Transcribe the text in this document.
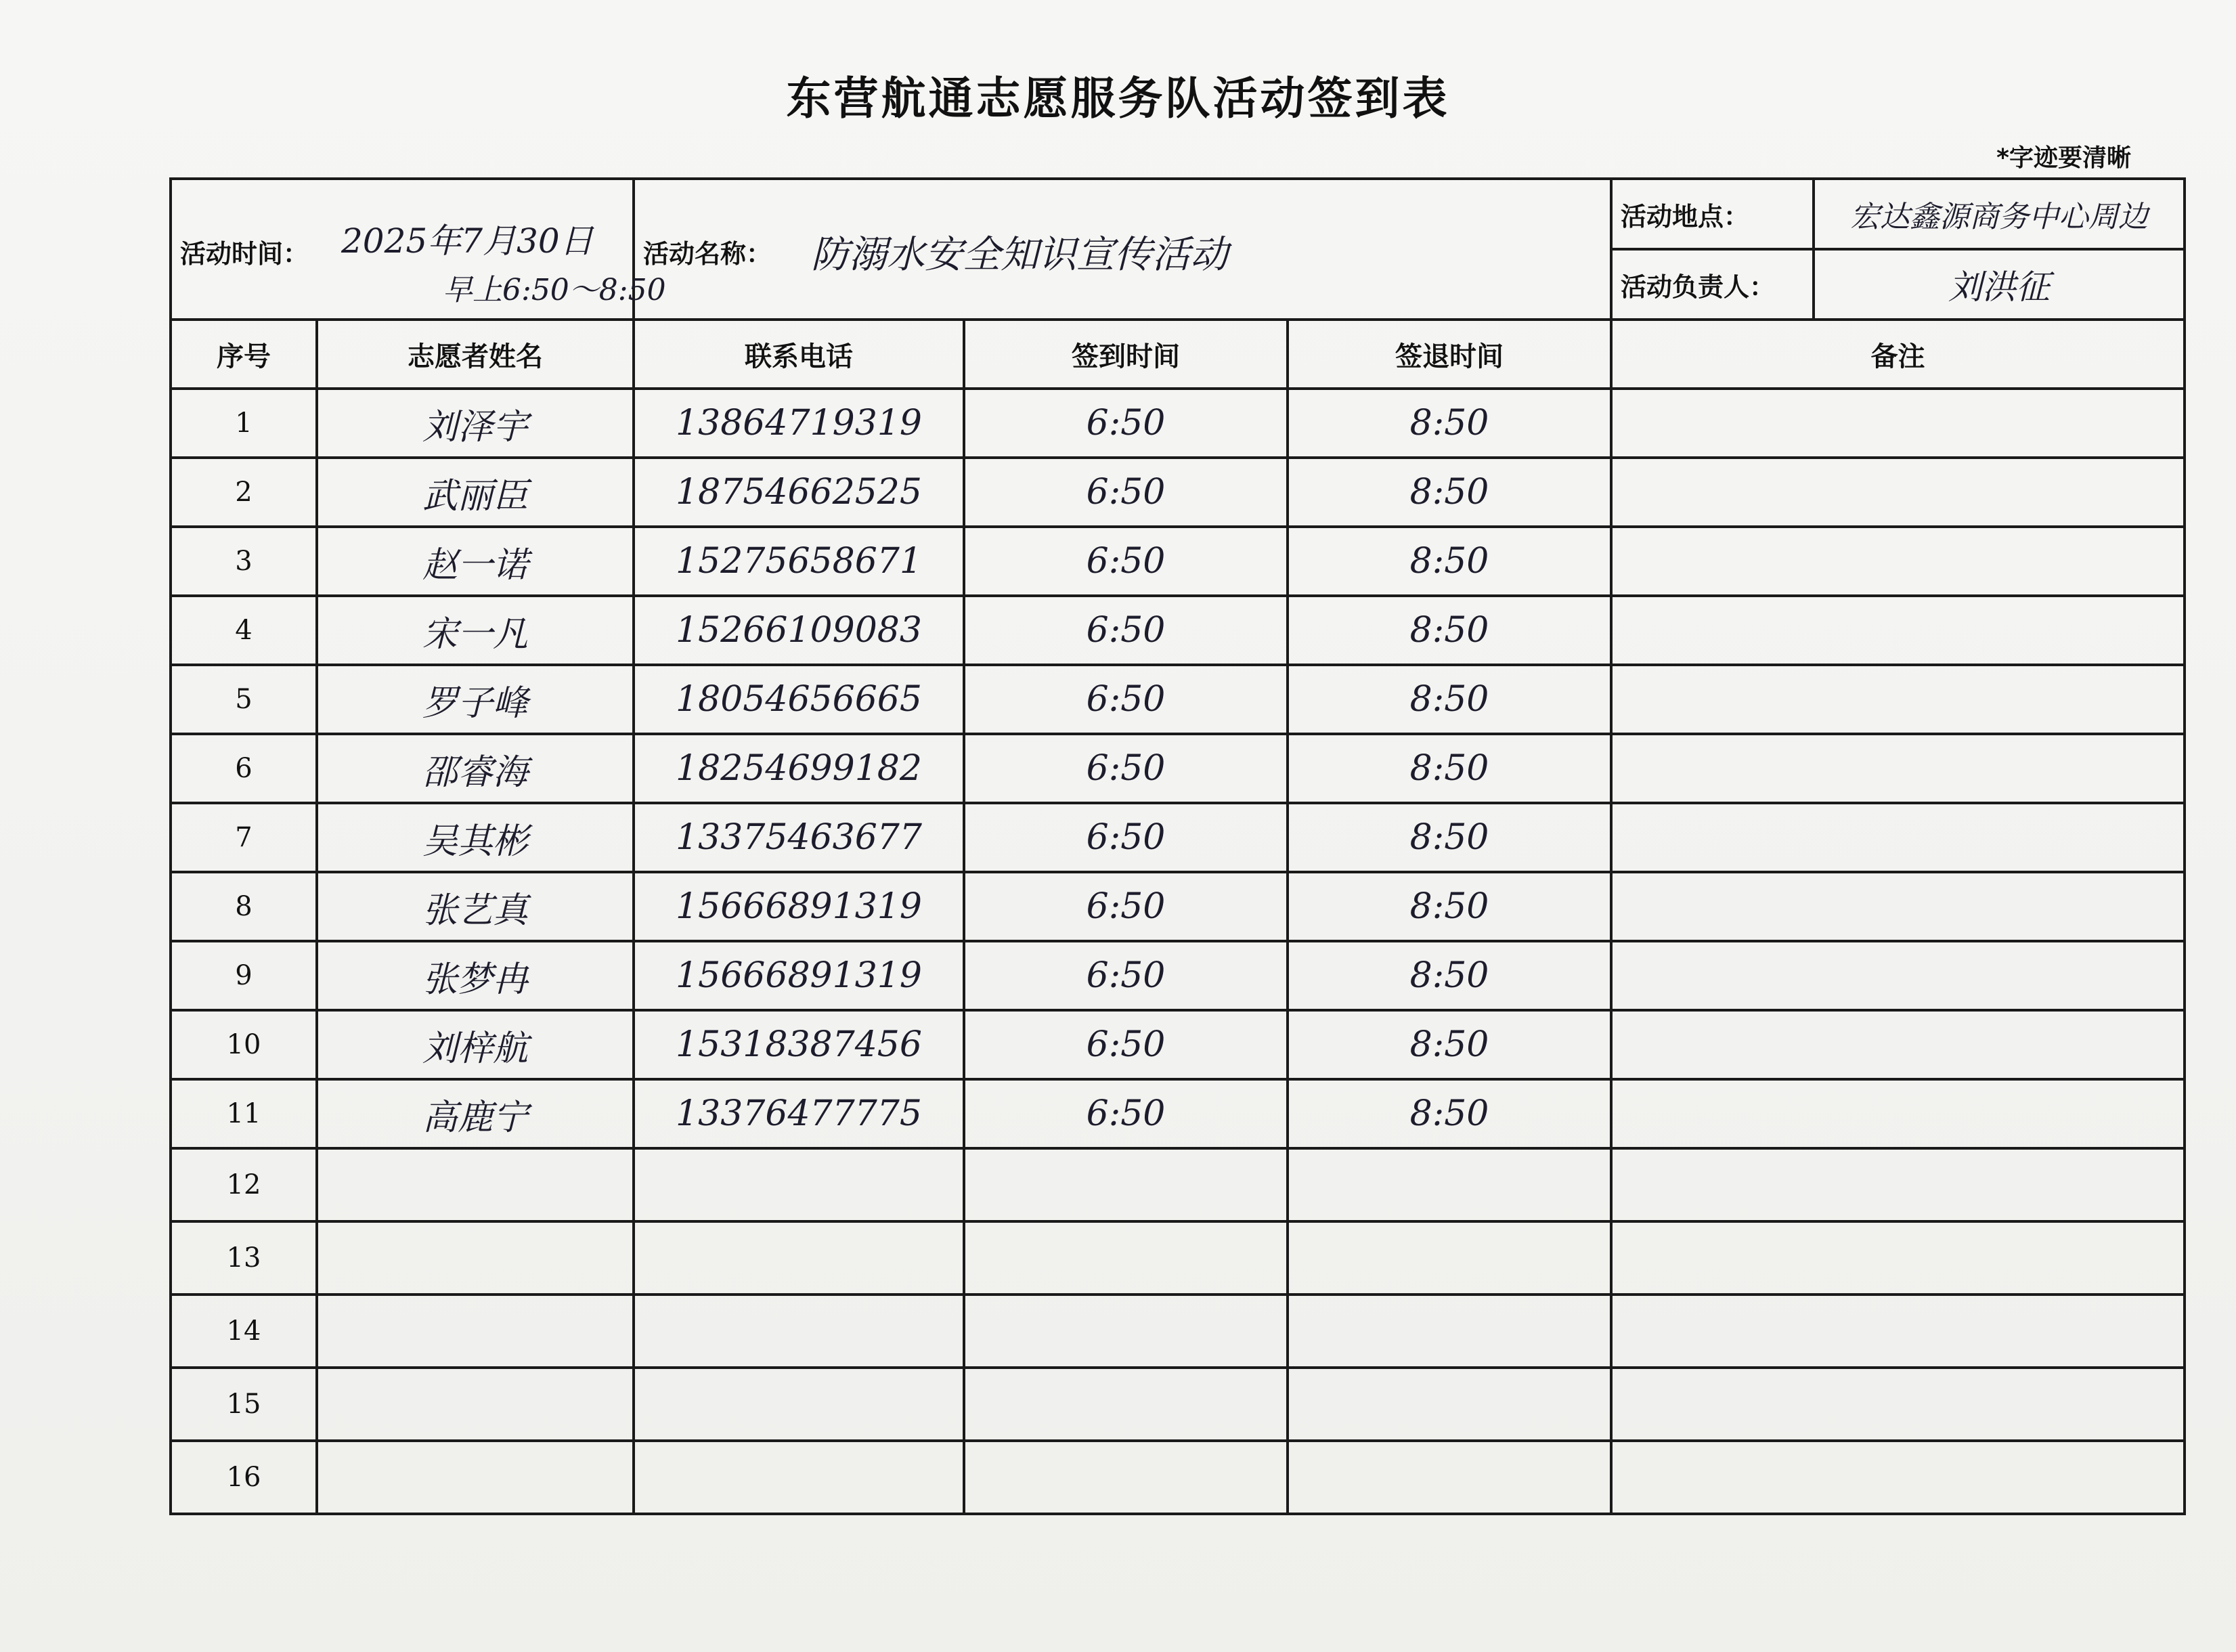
东营航通志愿服务队活动签到表
*字迹要清晰
活动时间： 2025年7月30日
早上6:50～8:50		活动名称： 防溺水安全知识宣传活动			活动地点：	宏达鑫源商务中心周边
					活动负责人：	刘洪征
序号	志愿者姓名	联系电话	签到时间	签退时间	备注	
1	刘泽宇	13864719319	6:50	8:50		
2	武丽臣	18754662525	6:50	8:50		
3	赵一诺	15275658671	6:50	8:50		
4	宋一凡	15266109083	6:50	8:50		
5	罗子峰	18054656665	6:50	8:50		
6	邵睿海	18254699182	6:50	8:50		
7	吴其彬	13375463677	6:50	8:50		
8	张艺真	15666891319	6:50	8:50		
9	张梦冉	15666891319	6:50	8:50		
10	刘梓航	15318387456	6:50	8:50		
11	高鹿宁	13376477775	6:50	8:50		
12						
13						
14						
15						
16						
